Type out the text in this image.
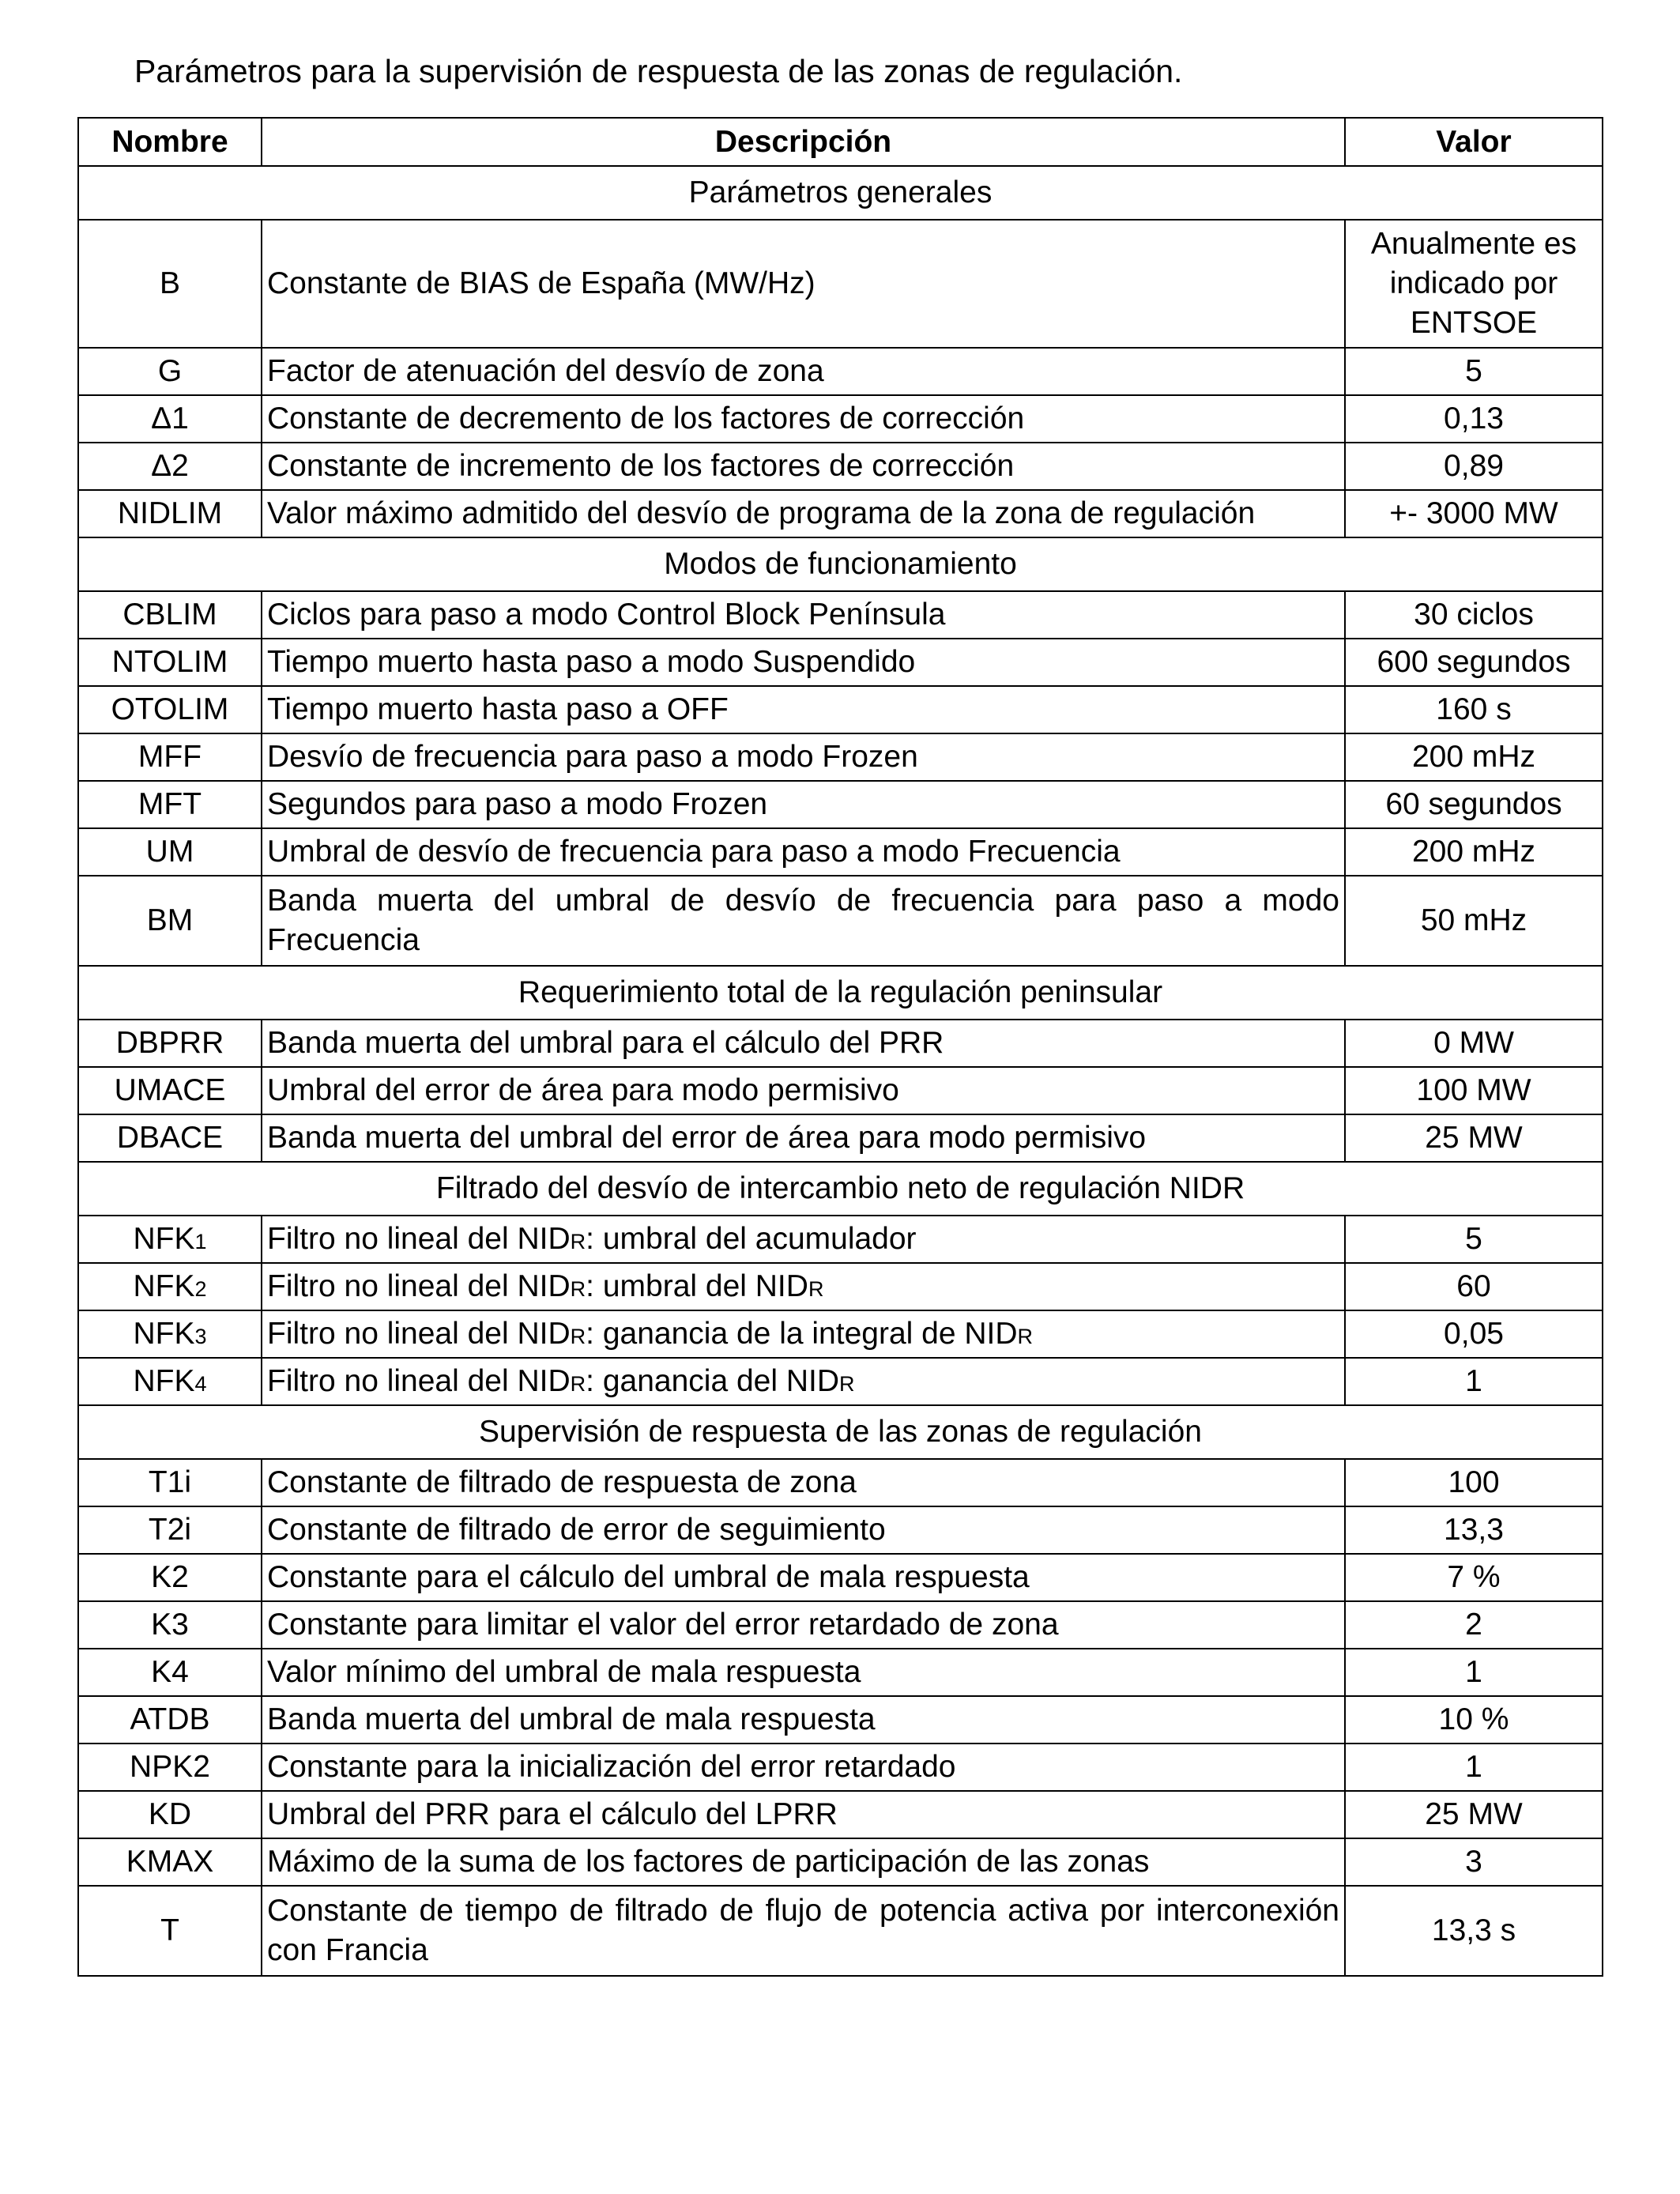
Parámetros para la supervisión de respuesta de las zonas de regulación.
Nombre	Descripción	Valor
Parámetros generales		
B	Constante de BIAS de España (MW/Hz)	Anualmente es indicado por ENTSOE
G	Factor de atenuación del desvío de zona	5
Δ1	Constante de decremento de los factores de corrección	0,13
Δ2	Constante de incremento de los factores de corrección	0,89
NIDLIM	Valor máximo admitido del desvío de programa de la zona de regulación	+- 3000 MW
Modos de funcionamiento		
CBLIM	Ciclos para paso a modo Control Block Península	30 ciclos
NTOLIM	Tiempo muerto hasta paso a modo Suspendido	600 segundos
OTOLIM	Tiempo muerto hasta paso a OFF	160 s
MFF	Desvío de frecuencia para paso a modo Frozen	200 mHz
MFT	Segundos para paso a modo Frozen	60 segundos
UM	Umbral de desvío de frecuencia para paso a modo Frecuencia	200 mHz
BM	Banda muerta del umbral de desvío de frecuencia para paso a modo Frecuencia	50 mHz
Requerimiento total de la regulación peninsular		
DBPRR	Banda muerta del umbral para el cálculo del PRR	0 MW
UMACE	Umbral del error de área para modo permisivo	100 MW
DBACE	Banda muerta del umbral del error de área para modo permisivo	25 MW
Filtrado del desvío de intercambio neto de regulación NIDR		
NFK1	Filtro no lineal del NIDR: umbral del acumulador	5
NFK2	Filtro no lineal del NIDR: umbral del NIDR	60
NFK3	Filtro no lineal del NIDR: ganancia de la integral de NIDR	0,05
NFK4	Filtro no lineal del NIDR: ganancia del NIDR	1
Supervisión de respuesta de las zonas de regulación		
T1i	Constante de filtrado de respuesta de zona	100
T2i	Constante de filtrado de error de seguimiento	13,3
K2	Constante para el cálculo del umbral de mala respuesta	7 %
K3	Constante para limitar el valor del error retardado de zona	2
K4	Valor mínimo del umbral de mala respuesta	1
ATDB	Banda muerta del umbral de mala respuesta	10 %
NPK2	Constante para la inicialización del error retardado	1
KD	Umbral del PRR para el cálculo del LPRR	25 MW
KMAX	Máximo de la suma de los factores de participación de las zonas	3
T	Constante de tiempo de filtrado de flujo de potencia activa por interconexión con Francia	13,3 s
